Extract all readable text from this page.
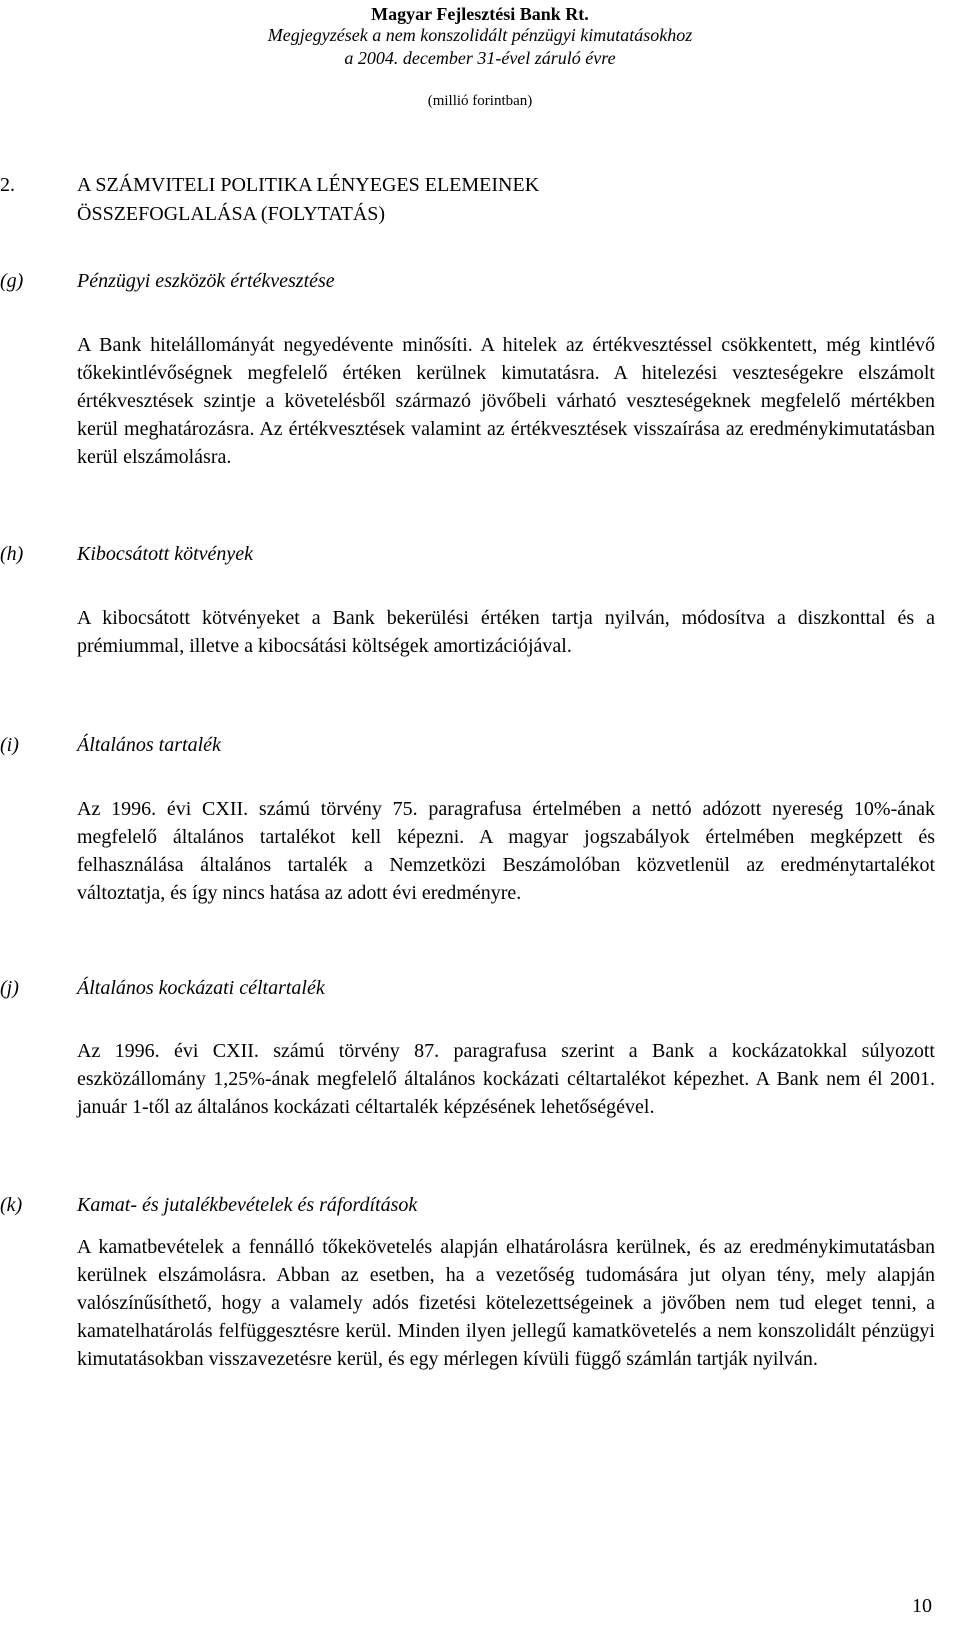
Magyar Fejlesztési Bank Rt.
Megjegyzések a nem konszolidált pénzügyi kimutatásokhoz
a 2004. december 31-ével záruló évre
(millió forintban)
2.	A SZÁMVITELI POLITIKA LÉNYEGES ELEMEINEK
ÖSSZEFOGLALÁSA (FOLYTATÁS)
(g)	Pénzügyi eszközök értékvesztése

A Bank hitelállományát negyedévente minősíti. A hitelek az értékvesztéssel csökkentett, még kintlévő tőkekintlévőségnek megfelelő értéken kerülnek kimutatásra. A hitelezési veszteségekre elszámolt értékvesztések szintje a követelésből származó jövőbeli várható veszteségeknek megfelelő mértékben kerül meghatározásra. Az értékvesztések valamint az értékvesztések visszaírása az eredménykimutatásban kerül elszámolásra.

(h)	Kibocsátott kötvények

A kibocsátott kötvényeket a Bank bekerülési értéken tartja nyilván, módosítva a diszkonttal és a prémiummal, illetve a kibocsátási költségek amortizációjával.

(i)	Általános tartalék

Az 1996. évi CXII. számú törvény 75. paragrafusa értelmében a nettó adózott nyereség 10%-ának megfelelő általános tartalékot kell képezni. A magyar jogszabályok értelmében megképzett és felhasználása általános tartalék a Nemzetközi Beszámolóban közvetlenül az eredménytartalékot változtatja, és így nincs hatása az adott évi eredményre.

(j)	Általános kockázati céltartalék

Az 1996. évi CXII. számú törvény 87. paragrafusa szerint a Bank a kockázatokkal súlyozott eszközállomány 1,25%-ának megfelelő általános kockázati céltartalékot képezhet. A Bank nem él 2001. január 1-től az általános kockázati céltartalék képzésének lehetőségével.

(k)	Kamat- és jutalékbevételek és ráfordítások

A kamatbevételek a fennálló tőkekövetelés alapján elhatárolásra kerülnek, és az eredménykimutatásban kerülnek elszámolásra. Abban az esetben, ha a vezetőség tudomására jut olyan tény, mely alapján valószínűsíthető, hogy a valamely adós fizetési kötelezettségeinek a jövőben nem tud eleget tenni, a kamatelhatárolás felfüggesztésre kerül. Minden ilyen jellegű kamatkövetelés a nem konszolidált pénzügyi kimutatásokban visszavezetésre kerül, és egy mérlegen kívüli függő számlán tartják nyilván.

10
